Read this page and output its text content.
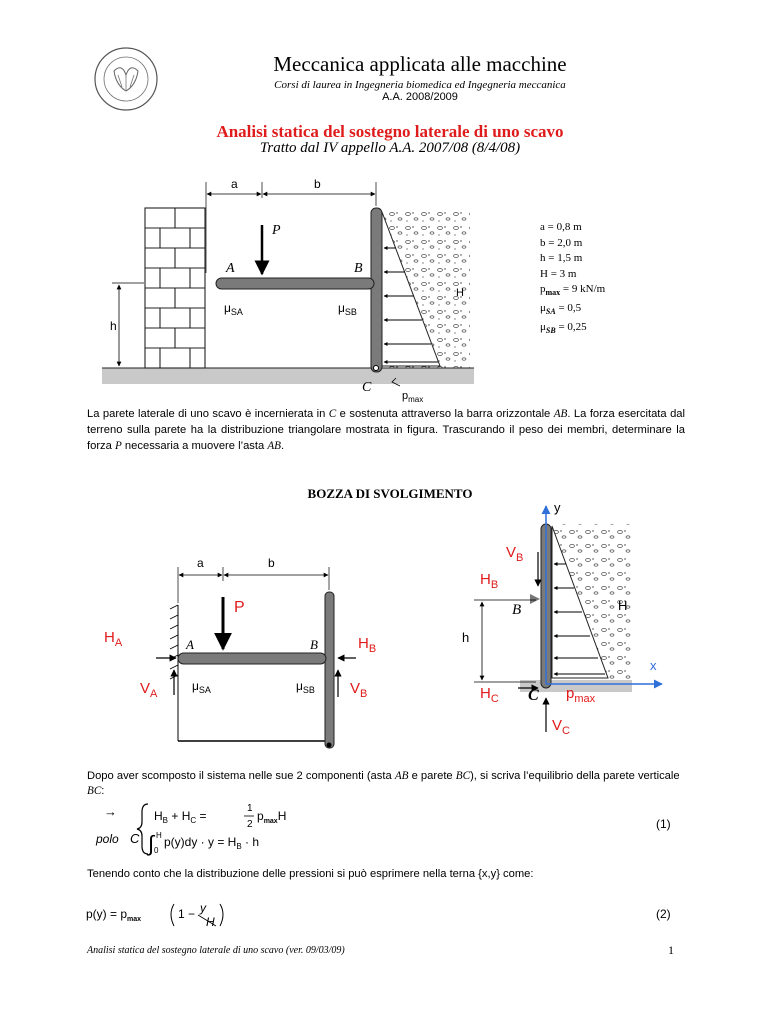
Meccanica applicata alle macchine
Corsi di laurea in Ingegneria biomedica ed Ingegneria meccanica
A.A. 2008/2009
Analisi statica del sostegno laterale di uno scavo
Tratto dal IV appello A.A. 2007/08 (8/4/08)
P
a	b
h
A	B
C
$\mu_{SA}$	$\mu_{SB}$
H
$p_{max}$
a = 0,8 m
b = 2,0 m
h = 1,5 m
H = 3 m
$p_{max} = 9$ kN/m
$\mu_{SA} = 0,5$
$\mu_{SB} = 0,25$
La parete laterale di uno scavo è incernierata in C e sostenuta attraverso la barra orizzontale AB. La forza esercitata dal terreno sulla parete ha la distribuzione triangolare mostrata in figura. Trascurando il peso dei membri, determinare la forza P necessaria a muovere l’asta AB.
BOZZA DI SVOLGIMENTO
P
a	b
$H_A$
$V_A$
$H_B$
$V_B$
A	B
$\mu_{SA}$	$\mu_{SB}$
y
x
$V_B$
$H_B$
B
h
H
$H_C$ C $p_{max}$
$V_C$
Dopo aver scomposto il sistema nelle sue 2 componenti (asta AB e parete BC), si scriva l’equilibrio della parete verticale BC:
→
polo C
$H_B + H_C$ =
1
2
$p_{max}H$
∫ H
0
$p(y)dy \cdot y = H_B \cdot h$
(1)
Tenendo conto che la distribuzione delle pressioni si può esprimere nella terna {x,y} come:
$p(y) = p_{max}$	1 − y
H
(2)
Analisi statica del sostegno laterale di uno scavo (ver. 09/03/09)	1
